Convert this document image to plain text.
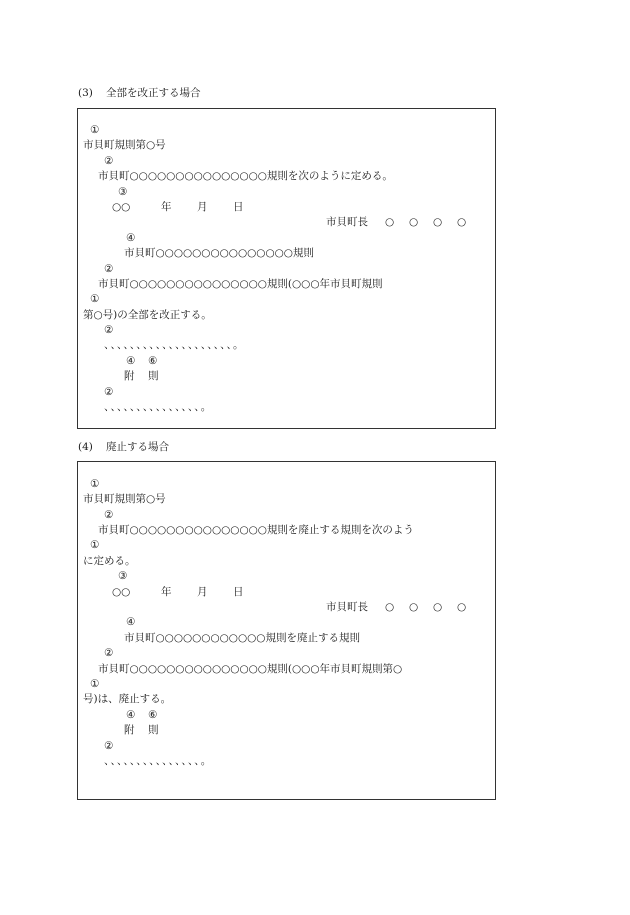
(3) 全部を改正する場合
①
市貝町規則第○号
②
市貝町○○○○○○○○○○○○○○○規則を次のように定める。
③
○○	年 月 日
市貝町長 ○ ○ ○ ○
④
市貝町○○○○○○○○○○○○○○○規則
②
市貝町○○○○○○○○○○○○○○○規則(○○○年市貝町規則
①
第○号)の全部を改正する。
②
、、、、、、、、、、、、、、、、、、、、。
④ ⑥
附 則
②
、、、、、、、、、、、、、、、。
(4) 廃止する場合
①
市貝町規則第○号
②
市貝町○○○○○○○○○○○○○○○規則を廃止する規則を次のよう
①
に定める。
③
○○	年 月 日
市貝町長 ○ ○ ○ ○
④
市貝町○○○○○○○○○○○○規則を廃止する規則
②
市貝町○○○○○○○○○○○○○○○規則(○○○年市貝町規則第○
①
号)は、廃止する。
④ ⑥
附 則
②
、、、、、、、、、、、、、、、。
